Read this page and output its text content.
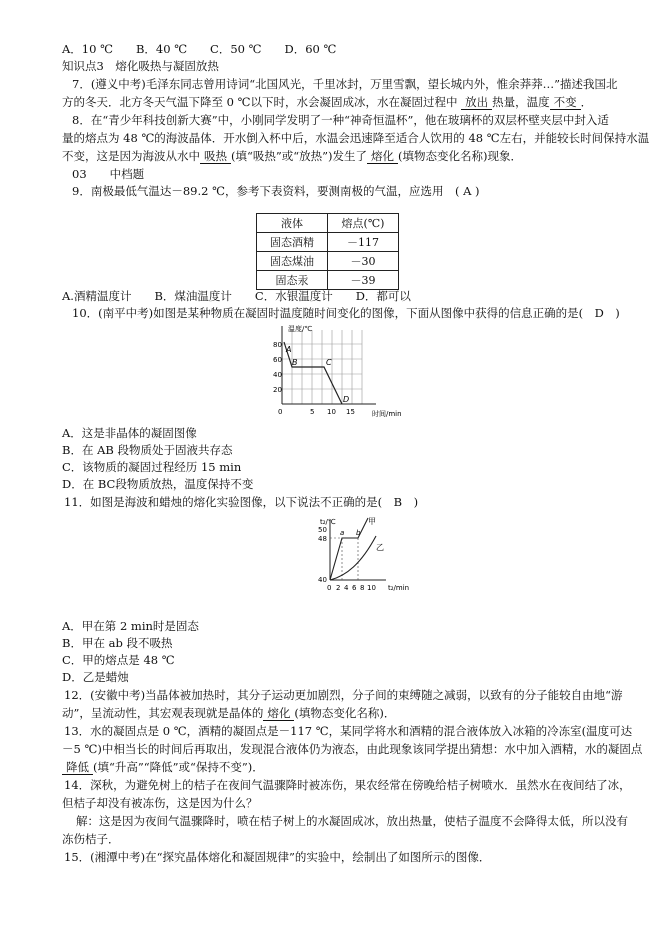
A．10 ℃　　B．40 ℃　　C．50 ℃　　D．60 ℃
知识点3　熔化吸热与凝固放热
7．(遵义中考)毛泽东同志曾用诗词“北国风光，千里冰封，万里雪飘，望长城内外，惟余莽莽…”描述我国北
方的冬天．北方冬天气温下降至 0 ℃以下时，水会凝固成冰，水在凝固过程中 放出 热量，温度 不变 ．
8．在“青少年科技创新大赛”中，小刚同学发明了一种“神奇恒温杯”，他在玻璃杯的双层杯壁夹层中封入适
量的熔点为 48 ℃的海波晶体．开水倒入杯中后，水温会迅速降至适合人饮用的 48 ℃左右，并能较长时间保持水温
不变，这是因为海波从水中 吸热 (填“吸热”或“放热”)发生了 熔化 (填物态变化名称)现象．
03　　中档题
9．南极最低气温达－89.2 ℃，参考下表资料，要测南极的气温，应选用　( A )
液体	熔点(℃)
固态酒精	－117
固态煤油	－30
固态汞	－39
A.酒精温度计　　B．煤油温度计　　C．水银温度计　　D．都可以
10．(南平中考)如图是某种物质在凝固时温度随时间变化的图像，下面从图像中获得的信息正确的是(　D　)
温度/℃
时间/min
80
60
40
20
0	5 10 15
A
B	C
D
A．这是非晶体的凝固图像
B．在 AB 段物质处于固液共存态
C．该物质的凝固过程经历 15 min
D．在 BC段物质放热，温度保持不变
11．如图是海波和蜡烛的熔化实验图像，以下说法不正确的是(　B　)
t₂/℃
t₂/min
50
48
40
0 2 4 6 8 10
a b
甲
乙
A．甲在第 2 min时是固态
B．甲在 ab 段不吸热
C．甲的熔点是 48 ℃
D．乙是蜡烛
12．(安徽中考)当晶体被加热时，其分子运动更加剧烈，分子间的束缚随之减弱，以致有的分子能较自由地“游
动”，呈流动性，其宏观表现就是晶体的 熔化 (填物态变化名称)．
13．水的凝固点是 0 ℃，酒精的凝固点是－117 ℃，某同学将水和酒精的混合液体放入冰箱的冷冻室(温度可达
－5 ℃)中相当长的时间后再取出，发现混合液体仍为液态，由此现象该同学提出猜想：水中加入酒精，水的凝固点
降低 (填“升高”“降低”或“保持不变”)．
14．深秋，为避免树上的桔子在夜间气温骤降时被冻伤，果农经常在傍晚给桔子树喷水．虽然水在夜间结了冰，
但桔子却没有被冻伤，这是因为什么？
解：这是因为夜间气温骤降时，喷在桔子树上的水凝固成冰，放出热量，使桔子温度不会降得太低，所以没有
冻伤桔子．
15．(湘潭中考)在“探究晶体熔化和凝固规律”的实验中，绘制出了如图所示的图像．
